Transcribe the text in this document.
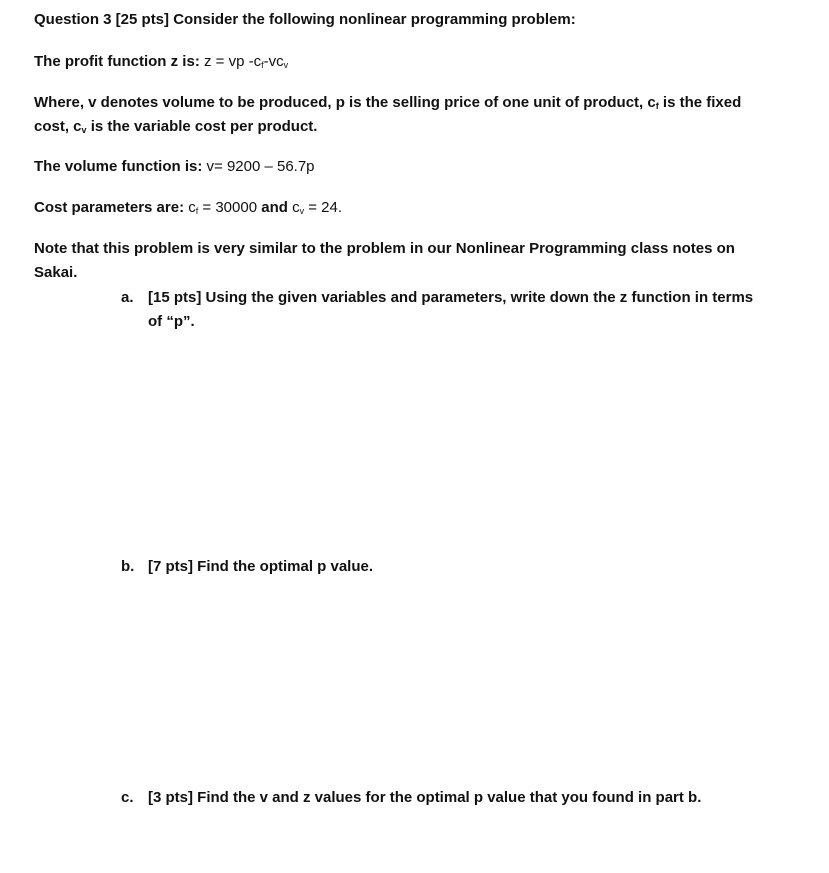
Question 3 [25 pts] Consider the following nonlinear programming problem:
The profit function z is: z = vp $-c_f-vc_v$
Where, v denotes volume to be produced, p is the selling price of one unit of product, $c_f$ is the fixed
cost, $c_v$ is the variable cost per product.
The volume function is: v= 9200 – 56.7p
Cost parameters are: $c_f = 30000$ and $c_v = 24$.
Note that this problem is very similar to the problem in our Nonlinear Programming class notes on
Sakai.
a. [15 pts] Using the given variables and parameters, write down the z function in terms
of “p”.
b. [7 pts] Find the optimal p value.
c. [3 pts] Find the v and z values for the optimal p value that you found in part b.
